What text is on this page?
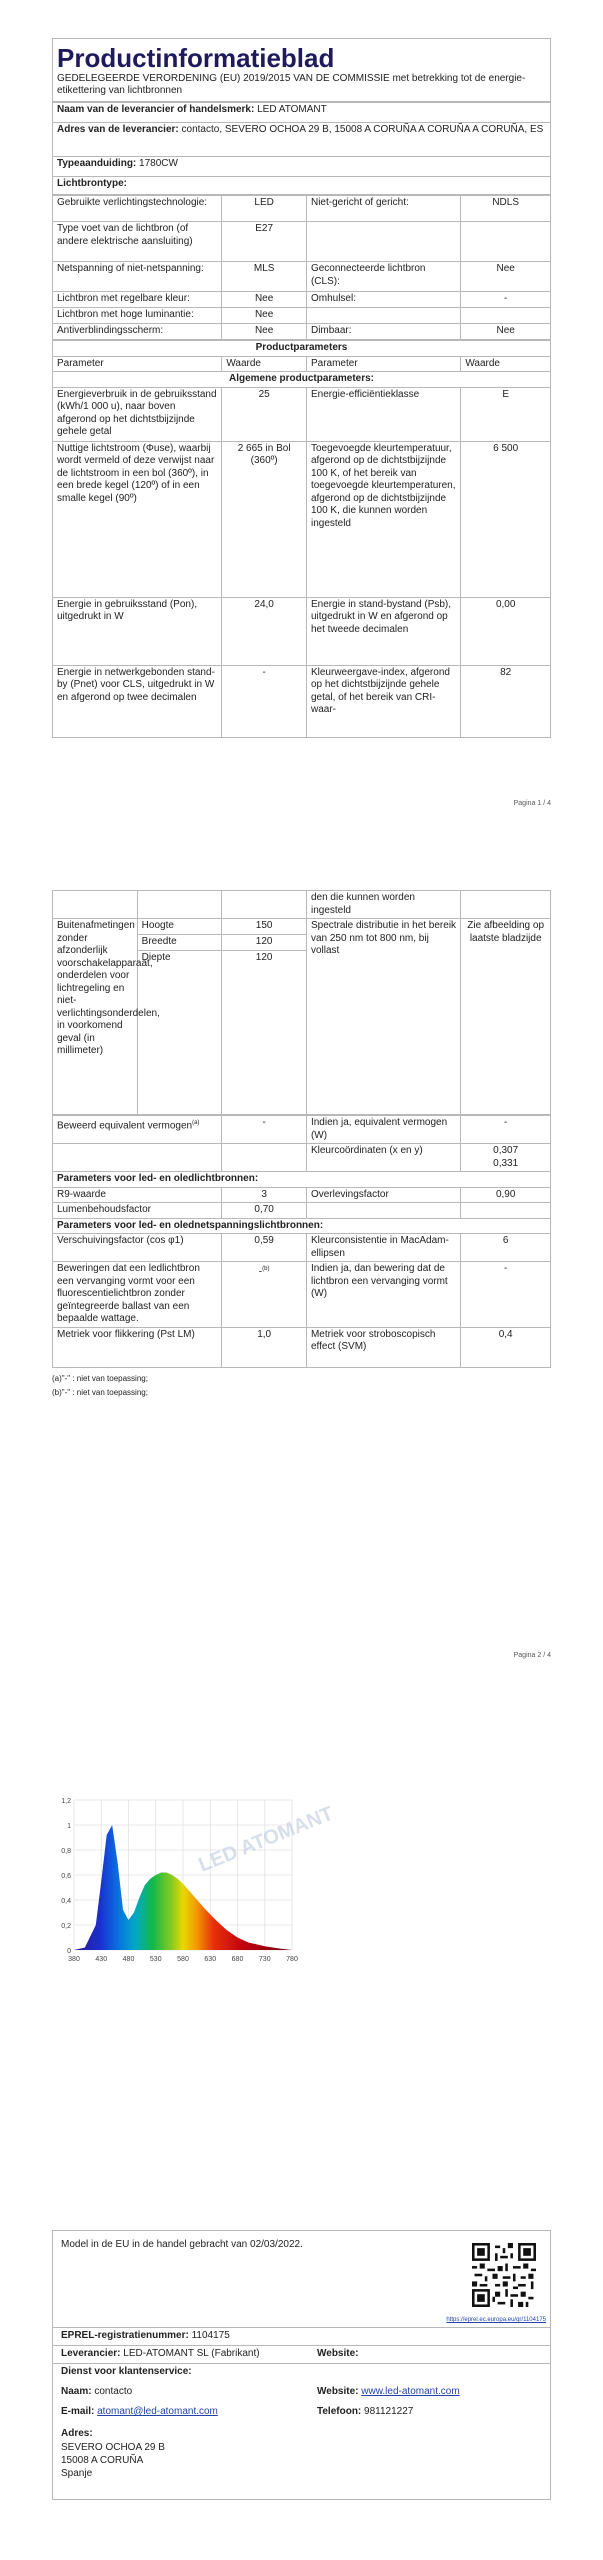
Productinformatieblad
GEDELEGEERDE VERORDENING (EU) 2019/2015 VAN DE COMMISSIE met betrekking tot de energie-etikettering van lichtbronnen
Naam van de leverancier of handelsmerk: LED ATOMANT
Adres van de leverancier: contacto, SEVERO OCHOA 29 B, 15008 A CORUÑA A CORUÑA A CORUÑA, ES
Typeaanduiding: 1780CW
Lichtbrontype:
Gebruikte verlichtingstechnologie:	LED	Niet-gericht of gericht:	NDLS
Type voet van de lichtbron (of andere elektrische aansluiting)	E27		
Netspanning of niet-netspanning:	MLS	Geconnecteerde lichtbron (CLS):	Nee
Lichtbron met regelbare kleur:	Nee	Omhulsel:	-
Lichtbron met hoge luminantie:	Nee		
Antiverblindingsscherm:	Nee	Dimbaar:	Nee
Productparameters			
Parameter	Waarde	Parameter	Waarde
Algemene productparameters:			
Energieverbruik in de gebruiksstand (kWh/1 000 u), naar boven afgerond op het dichtstbijzijnde gehele getal	25	Energie-efficiëntieklasse	E
Nuttige lichtstroom (Φuse), waarbij wordt vermeld of deze verwijst naar de lichtstroom in een bol (360º), in een brede kegel (120º) of in een smalle kegel (90º)	2 665 in Bol (360º)	Toegevoegde kleurtemperatuur, afgerond op de dichtstbijzijnde 100 K, of het bereik van toegevoegde kleurtemperaturen, afgerond op de dichtstbijzijnde 100 K, die kunnen worden ingesteld	6 500
Energie in gebruiksstand (Pon), uitgedrukt in W	24,0	Energie in stand-bystand (Psb), uitgedrukt in W en afgerond op het tweede decimalen	0,00
Energie in netwerkgebonden stand-by (Pnet) voor CLS, uitgedrukt in W en afgerond op twee decimalen	-	Kleurweergave-index, afgerond op het dichtstbijzijnde gehele getal, of het bereik van CRI-waar-	82
Pagina 1 / 4
			den die kunnen worden ingesteld	
Buitenafmetingen zonder afzonderlijk voorschakelapparaat, onderdelen voor lichtregeling en niet-verlichtingsonderdelen, in voorkomend geval (in millimeter)	Hoogte	150	Spectrale distributie in het bereik van 250 nm tot 800 nm, bij vollast	Zie afbeelding op laatste bladzijde
	Breedte	120		
	Diepte	120		
Beweerd equivalent vermogen$^{(a)}$	-	Indien ja, equivalent vermogen (W)	-
		Kleurcoördinaten (x en y)	0,307
0,331

Parameters voor led- en oledlichtbronnen:			
R9-waarde	3	Overlevingsfactor	0,90
Lumenbehoudsfactor	0,70		
Parameters voor led- en olednetspanningslichtbronnen:			
Verschuivingsfactor (cos φ1)	0,59	Kleurconsistentie in MacAdam-ellipsen	6
Beweringen dat een ledlichtbron een vervanging vormt voor een fluorescentielichtbron zonder geïntegreerde ballast van een bepaalde wattage.	-$^{(b)}$	Indien ja, dan bewering dat de lichtbron een vervanging vormt (W)	-
Metriek voor flikkering (Pst LM)	1,0	Metriek voor stroboscopisch effect (SVM)	0,4
(a)"-" : niet van toepassing;
(b)"-" : niet van toepassing;
Pagina 2 / 4
LED ATOMANT
0
0,2
0,4
0,6
0,8
1
1,2
380 430 480 530 580 630 680 730 780
Model in de EU in de handel gebracht van 02/03/2022.
https://eprel.ec.europa.eu/qr/1104175
EPREL-registratienummer: 1104175
Leverancier: LED-ATOMANT SL (Fabrikant)	Website:
Dienst voor klantenservice:
Naam: contacto	Website: www.led-atomant.com
E-mail: atomant@led-atomant.com	Telefoon: 981121227
Adres:
SEVERO OCHOA 29 B
15008 A CORUÑA
Spanje
